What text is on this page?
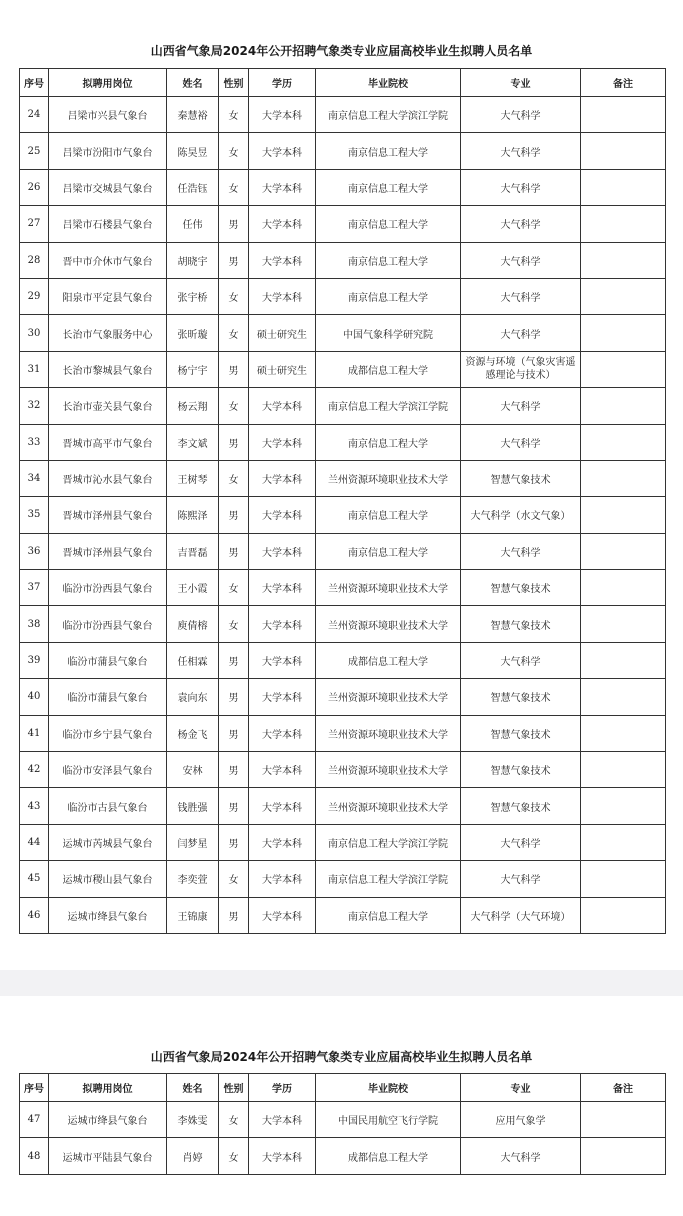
山西省气象局2024年公开招聘气象类专业应届高校毕业生拟聘人员名单
序号	拟聘用岗位	姓名	性别	学历	毕业院校	专业	备注
24	吕梁市兴县气象台	秦慧裕	女	大学本科	南京信息工程大学滨江学院	大气科学	
25	吕梁市汾阳市气象台	陈昊昱	女	大学本科	南京信息工程大学	大气科学	
26	吕梁市交城县气象台	任浩钰	女	大学本科	南京信息工程大学	大气科学	
27	吕梁市石楼县气象台	任伟	男	大学本科	南京信息工程大学	大气科学	
28	晋中市介休市气象台	胡晓宇	男	大学本科	南京信息工程大学	大气科学	
29	阳泉市平定县气象台	张宇桥	女	大学本科	南京信息工程大学	大气科学	
30	长治市气象服务中心	张昕璇	女	硕士研究生	中国气象科学研究院	大气科学	
31	长治市黎城县气象台	杨宁宇	男	硕士研究生	成都信息工程大学	资源与环境（气象灾害遥感理论与技术）	
32	长治市壶关县气象台	杨云翔	女	大学本科	南京信息工程大学滨江学院	大气科学	
33	晋城市高平市气象台	李文斌	男	大学本科	南京信息工程大学	大气科学	
34	晋城市沁水县气象台	王树琴	女	大学本科	兰州资源环境职业技术大学	智慧气象技术	
35	晋城市泽州县气象台	陈熙泽	男	大学本科	南京信息工程大学	大气科学（水文气象）	
36	晋城市泽州县气象台	吉晋磊	男	大学本科	南京信息工程大学	大气科学	
37	临汾市汾西县气象台	王小霞	女	大学本科	兰州资源环境职业技术大学	智慧气象技术	
38	临汾市汾西县气象台	庾倩榕	女	大学本科	兰州资源环境职业技术大学	智慧气象技术	
39	临汾市蒲县气象台	任相霖	男	大学本科	成都信息工程大学	大气科学	
40	临汾市蒲县气象台	袁向东	男	大学本科	兰州资源环境职业技术大学	智慧气象技术	
41	临汾市乡宁县气象台	杨金飞	男	大学本科	兰州资源环境职业技术大学	智慧气象技术	
42	临汾市安泽县气象台	安林	男	大学本科	兰州资源环境职业技术大学	智慧气象技术	
43	临汾市古县气象台	钱胜强	男	大学本科	兰州资源环境职业技术大学	智慧气象技术	
44	运城市芮城县气象台	闫梦星	男	大学本科	南京信息工程大学滨江学院	大气科学	
45	运城市稷山县气象台	李奕萱	女	大学本科	南京信息工程大学滨江学院	大气科学	
46	运城市绛县气象台	王锦康	男	大学本科	南京信息工程大学	大气科学（大气环境）	
山西省气象局2024年公开招聘气象类专业应届高校毕业生拟聘人员名单
序号	拟聘用岗位	姓名	性别	学历	毕业院校	专业	备注
47	运城市绛县气象台	李姝雯	女	大学本科	中国民用航空飞行学院	应用气象学	
48	运城市平陆县气象台	肖婷	女	大学本科	成都信息工程大学	大气科学	
